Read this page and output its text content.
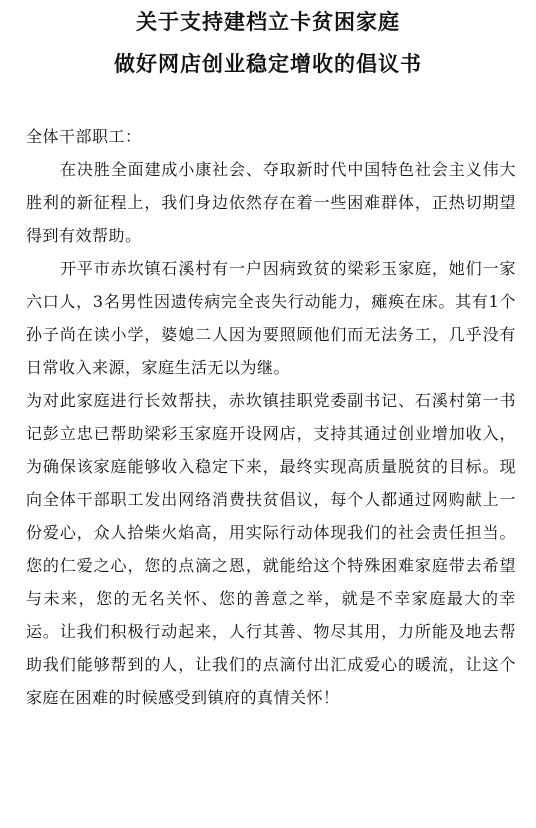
关于支持建档立卡贫困家庭
做好网店创业稳定增收的倡议书

全体干部职工：

在决胜全面建成小康社会、夺取新时代中国特色社会主义伟大胜利的新征程上，我们身边依然存在着一些困难群体，正热切期望得到有效帮助。

开平市赤坎镇石溪村有一户因病致贫的梁彩玉家庭，她们一家六口人，3名男性因遗传病完全丧失行动能力，瘫痪在床。其有1个孙子尚在读小学，婆媳二人因为要照顾他们而无法务工，几乎没有日常收入来源，家庭生活无以为继。

为对此家庭进行长效帮扶，赤坎镇挂职党委副书记、石溪村第一书记彭立忠已帮助梁彩玉家庭开设网店，支持其通过创业增加收入，为确保该家庭能够收入稳定下来，最终实现高质量脱贫的目标。现向全体干部职工发出网络消费扶贫倡议，每个人都通过网购献上一份爱心，众人拾柴火焰高，用实际行动体现我们的社会责任担当。您的仁爱之心，您的点滴之恩，就能给这个特殊困难家庭带去希望与未来，您的无名关怀、您的善意之举，就是不幸家庭最大的幸运。让我们积极行动起来，人行其善、物尽其用，力所能及地去帮助我们能够帮到的人，让我们的点滴付出汇成爱心的暖流，让这个家庭在困难的时候感受到镇府的真情关怀！
